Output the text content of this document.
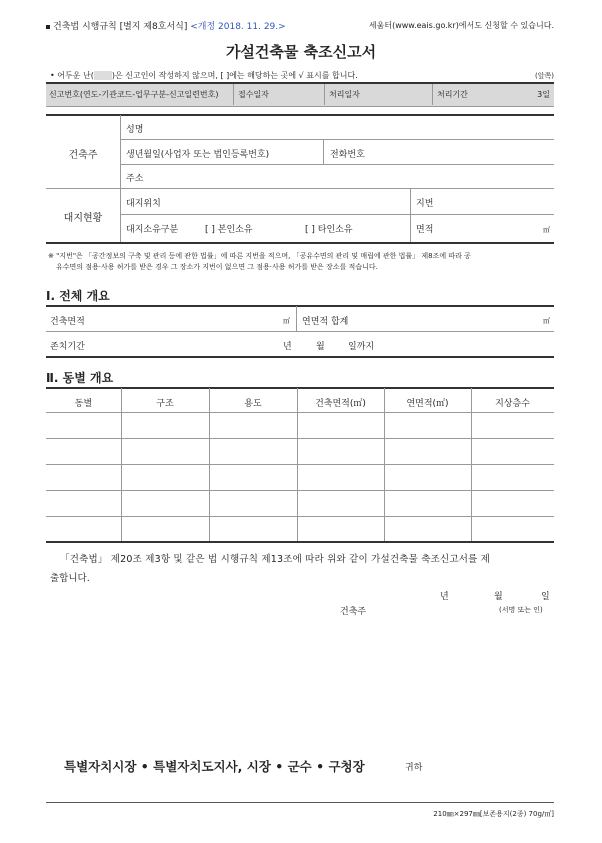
건축법 시행규칙 [별지 제8호서식] <개정 2018. 11. 29.>	세움터(www.eais.go.kr)에서도 신청할 수 있습니다.
가설건축물 축조신고서
• 어두운 난( )은 신고인이 작성하지 않으며, [ ]에는 해당하는 곳에 √ 표시를 합니다.	(앞쪽)
신고번호(연도-기관코드-업무구분-신고일련번호) 접수일자	처리일자	처리기간	3일
건축주
성명
생년월일(사업자 또는 법인등록번호)	전화번호
주소
대지현황
대지위치	지번
대지소유구분	[ ] 본인소유	[ ] 타인소유	면적	㎡
※ "지번"은 「공간정보의 구축 및 관리 등에 관한 법률」에 따른 지번을 적으며, 「공유수면의 관리 및 매립에 관한 법률」 제8조에 따라 공
유수면의 점용·사용 허가를 받은 경우 그 장소가 지번이 없으면 그 점용·사용 허가를 받은 장소를 적습니다.
Ⅰ. 전체 개요
건축면적	㎡ 연면적 합계	㎡
존치기간	년	월	일까지
Ⅱ. 동별 개요
동별	구조	용도	건축면적(㎡)	연면적(㎡)	지상층수
「건축법」 제20조 제3항 및 같은 법 시행규칙 제13조에 따라 위와 같이 가설건축물 축조신고서를 제
출합니다.
년	월	일
건축주	(서명 또는 인)
특별자치시장 • 특별자치도지사, 시장 • 군수 • 구청장	귀하
210㎜×297㎜[보존용지(2종) 70g/㎡]
